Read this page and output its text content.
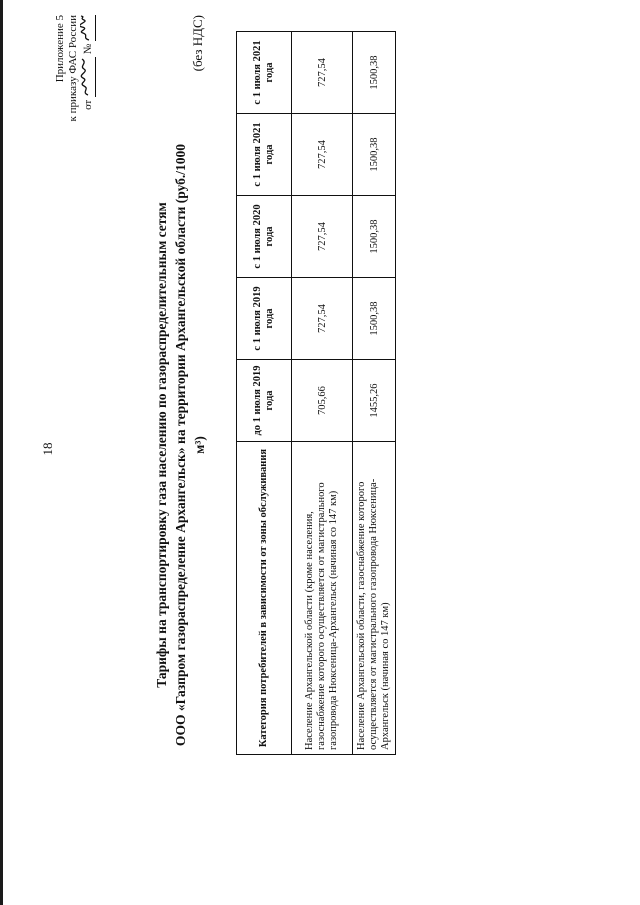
18
Приложение 5 к приказу ФАС России от  №
Тарифы на транспортировку газа населению по газораспределительным сетям ООО «Газпром газораспределение Архангельск» на территории Архангельской области (руб./1000 м³)
(без НДС)
Категория потребителей в зависимости от зоны обслуживания	до 1 июля 2019 года	с 1 июля 2019 года	с 1 июля 2020 года	с 1 июля 2021 года	с 1 июля 2021 года
Население Архангельской области (кроме населения, газоснабжение которого осуществляется от магистрального газопровода Нюксеница-Архангельск (начиная со 147 км)	705,66	727,54	727,54	727,54	727,54
Население Архангельской области, газоснабжение которого осуществляется от магистрального газопровода Нюксеница-Архангельск (начиная со 147 км)	1455,26	1500,38	1500,38	1500,38	1500,38
